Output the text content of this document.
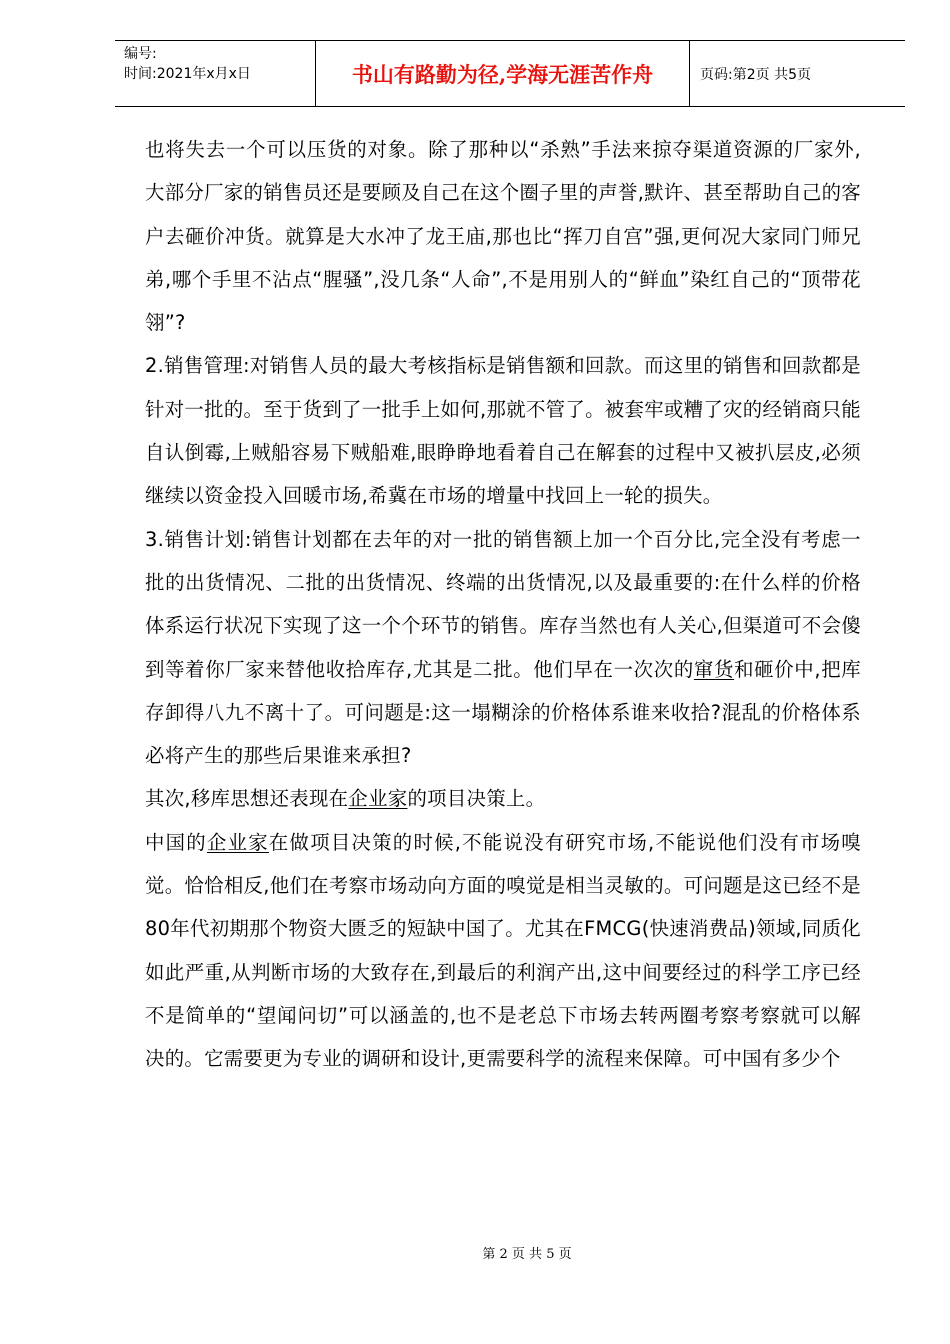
编号:
时间:2021年x月x日	书山有路勤为径,学海无涯苦作舟	页码:第2页 共5页

也将失去一个可以压货的对象。除了那种以“杀熟”手法来掠夺渠道资源的厂家外,大部分厂家的销售员还是要顾及自己在这个圈子里的声誉,默许、甚至帮助自己的客户去砸价冲货。就算是大水冲了龙王庙,那也比“挥刀自宫”强,更何况大家同门师兄弟,哪个手里不沾点“腥骚”,没几条“人命”,不是用别人的“鲜血”染红自己的“顶带花翎”?

2.销售管理:对销售人员的最大考核指标是销售额和回款。而这里的销售和回款都是针对一批的。至于货到了一批手上如何,那就不管了。被套牢或糟了灾的经销商只能自认倒霉,上贼船容易下贼船难,眼睁睁地看着自己在解套的过程中又被扒层皮,必须继续以资金投入回暖市场,希冀在市场的增量中找回上一轮的损失。

3.销售计划:销售计划都在去年的对一批的销售额上加一个百分比,完全没有考虑一批的出货情况、二批的出货情况、终端的出货情况,以及最重要的:在什么样的价格体系运行状况下实现了这一个个环节的销售。库存当然也有人关心,但渠道可不会傻到等着你厂家来替他收拾库存,尤其是二批。他们早在一次次的窜货和砸价中,把库存卸得八九不离十了。可问题是:这一塌糊涂的价格体系谁来收拾?混乱的价格体系必将产生的那些后果谁来承担?

其次,移库思想还表现在企业家的项目决策上。

中国的企业家在做项目决策的时候,不能说没有研究市场,不能说他们没有市场嗅觉。恰恰相反,他们在考察市场动向方面的嗅觉是相当灵敏的。可问题是这已经不是80年代初期那个物资大匮乏的短缺中国了。尤其在FMCG(快速消费品)领域,同质化如此严重,从判断市场的大致存在,到最后的利润产出,这中间要经过的科学工序已经不是简单的“望闻问切”可以涵盖的,也不是老总下市场去转两圈考察考察就可以解决的。它需要更为专业的调研和设计,更需要科学的流程来保障。可中国有多少个

第 2 页 共 5 页
